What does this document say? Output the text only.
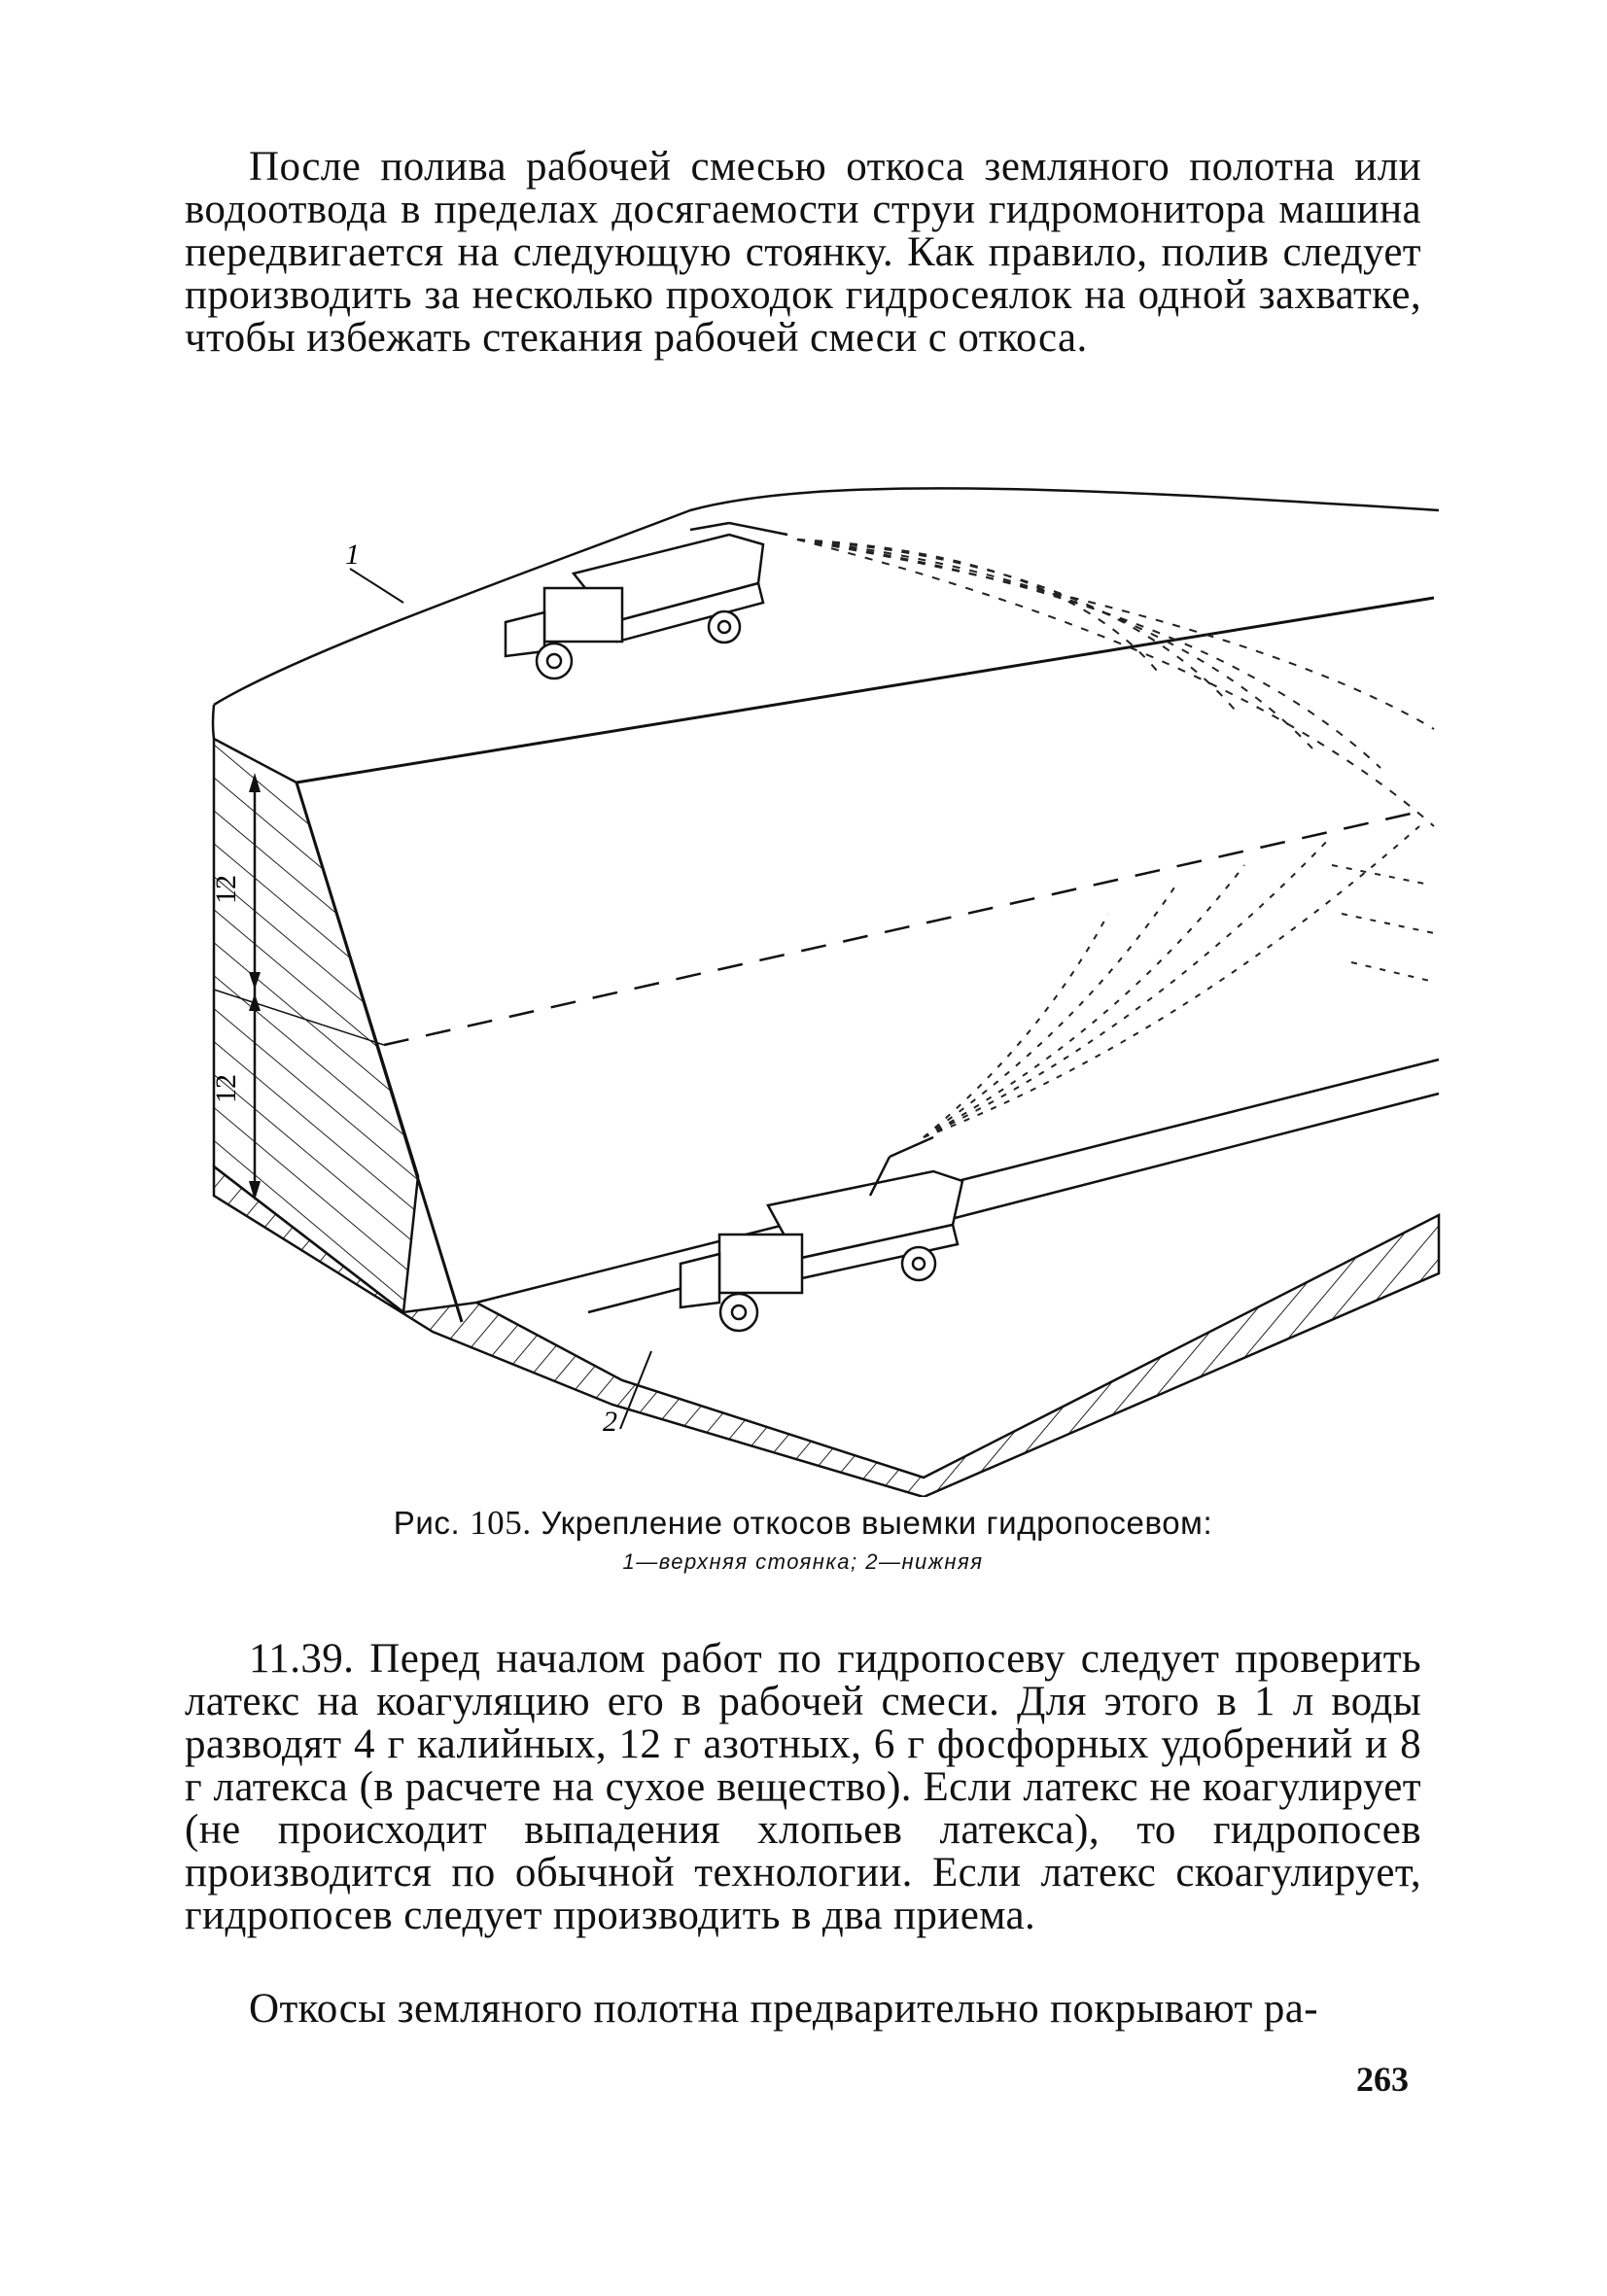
После полива рабочей смесью откоса земляного полотна или водоотвода в пределах досягаемости струи гидромонитора машина передвигается на следующую стоянку. Как правило, полив следует производить за несколько проходок гидросеялок на одной захватке, чтобы избежать стекания рабочей смеси с откоса.
12
12
1
2
Рис. 105. Укрепление откосов выемки гидропосевом:
1—верхняя стоянка; 2—нижняя
11.39. Перед началом работ по гидропосеву следует проверить латекс на коагуляцию его в рабочей смеси. Для этого в 1 л воды разводят 4 г калийных, 12 г азотных, 6 г фосфорных удобрений и 8 г латекса (в расчете на сухое вещество). Если латекс не коагулирует (не происходит выпадения хлопьев латекса), то гидропосев производится по обычной технологии. Если латекс скоагулирует, гидропосев следует производить в два приема.
Откосы земляного полотна предварительно покрывают ра-
263
